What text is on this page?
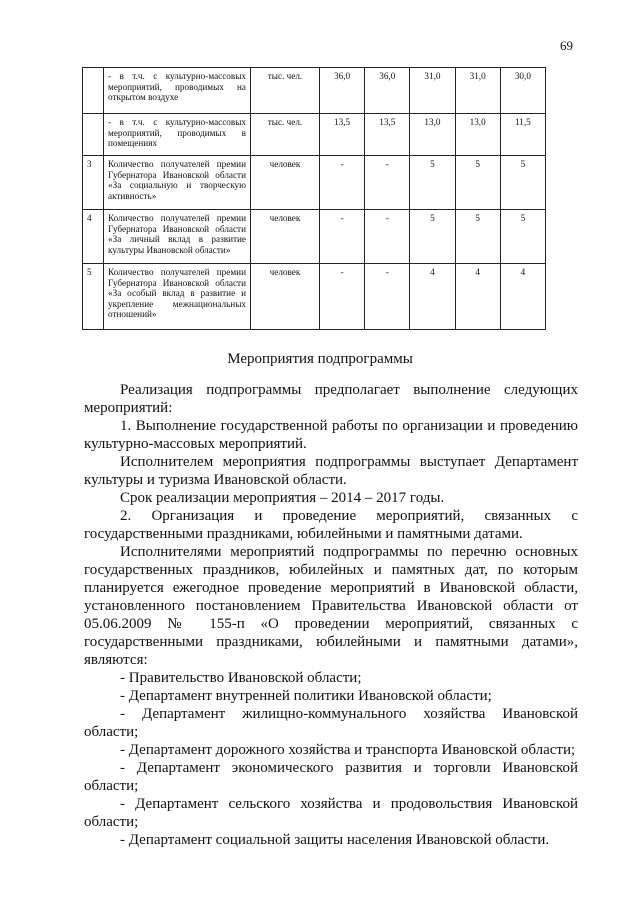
69
	- в т.ч. с культурно-массовых мероприятий, проводимых на открытом воздухе	тыс. чел.	36,0	36,0	31,0	31,0	30,0
	- в т.ч. с культурно-массовых мероприятий, проводимых в помещениях	тыс. чел.	13,5	13,5	13,0	13,0	11,5
3	Количество получателей премии Губернатора Ивановской области «За социальную и творческую активность»	человек	-	-	5	5	5
4	Количество получателей премии Губернатора Ивановской области «За личный вклад в развитие культуры Ивановской области»	человек	-	-	5	5	5
5	Количество получателей премии Губернатора Ивановской области «За особый вклад в развитие и укрепление межнациональных отношений»	человек	-	-	4	4	4
Мероприятия подпрограммы

Реализация подпрограммы предполагает выполнение следующих мероприятий:

1. Выполнение государственной работы по организации и проведению культурно-массовых мероприятий.

Исполнителем мероприятия подпрограммы выступает Департамент культуры и туризма Ивановской области.

Срок реализации мероприятия – 2014 – 2017 годы.

2. Организация и проведение мероприятий, связанных с государственными праздниками, юбилейными и памятными датами.

Исполнителями мероприятий подпрограммы по перечню основных государственных праздников, юбилейных и памятных дат, по которым планируется ежегодное проведение мероприятий в Ивановской области, установленного постановлением Правительства Ивановской области от 05.06.2009 № 155-п «О проведении мероприятий, связанных с государственными праздниками, юбилейными и памятными датами», являются:

- Правительство Ивановской области;

- Департамент внутренней политики Ивановской области;

- Департамент жилищно-коммунального хозяйства Ивановской области;

- Департамент дорожного хозяйства и транспорта Ивановской области;

- Департамент экономического развития и торговли Ивановской области;

- Департамент сельского хозяйства и продовольствия Ивановской области;

- Департамент социальной защиты населения Ивановской области.
